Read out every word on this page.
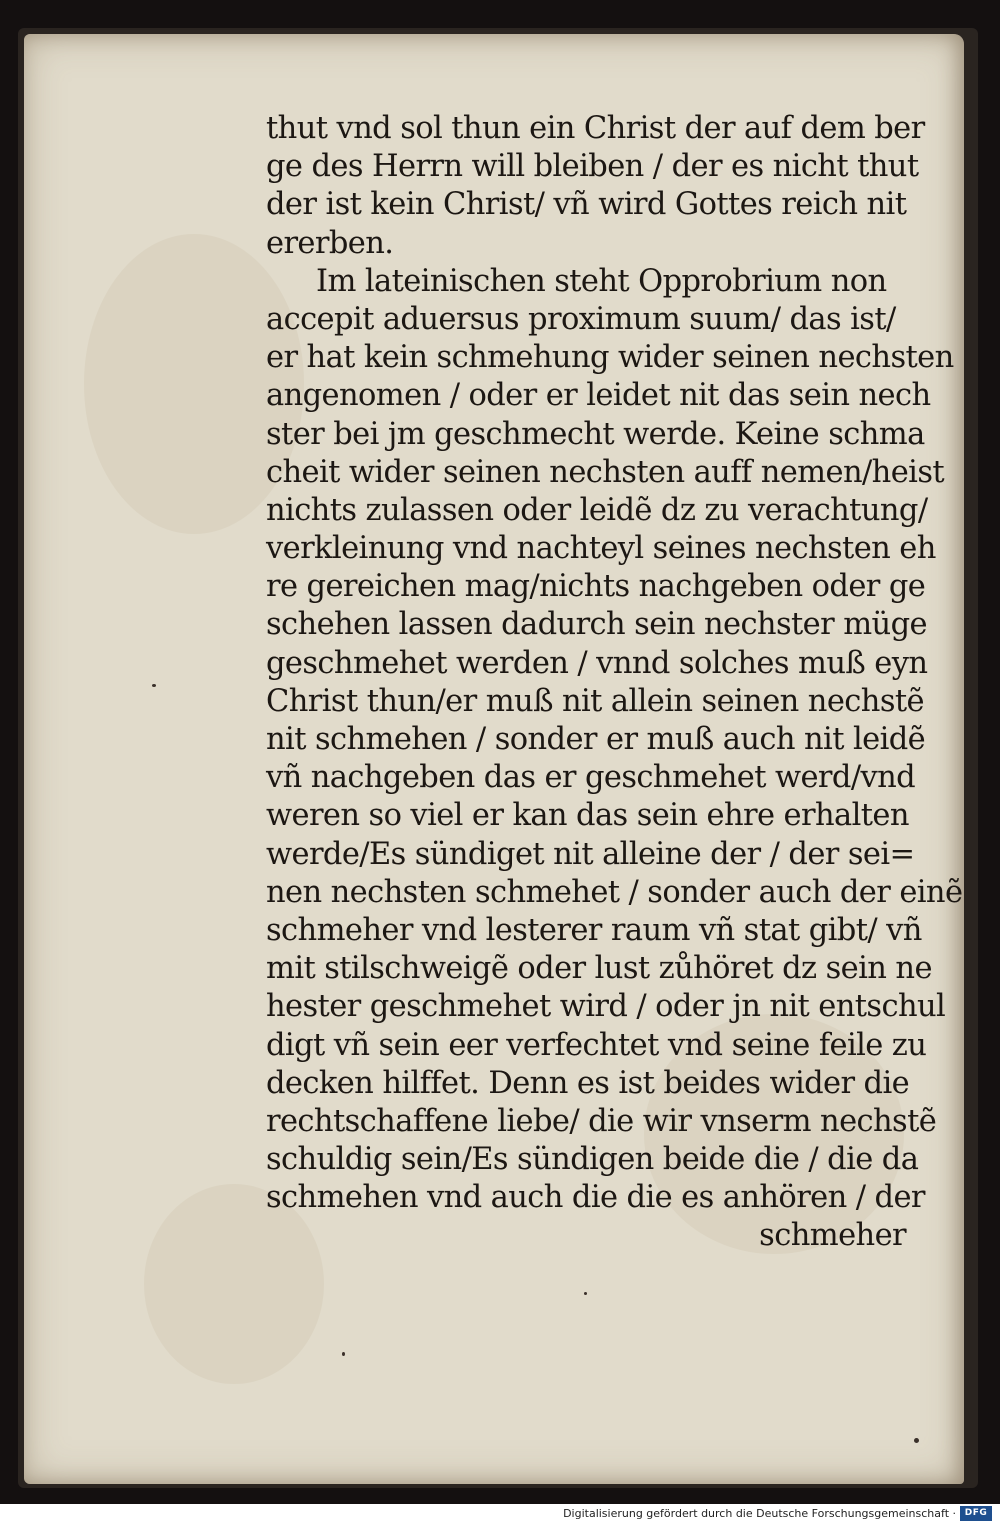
thut vnd sol thun ein Christ der auf dem ber
ge des Herrn will bleiben / der es nicht thut
der ist kein Christ/ vñ wird Gottes reich nit
ererben.
Im lateinischen steht Opprobrium non
accepit aduersus proximum suum/ das ist/
er hat kein schmehung wider seinen nechsten
angenomen / oder er leidet nit das sein nech
ster bei jm geschmecht werde. Keine schma
cheit wider seinen nechsten auff nemen/heist
nichts zulassen oder leidẽ dz zu verachtung/
verkleinung vnd nachteyl seines nechsten eh
re gereichen mag/nichts nachgeben oder ge
schehen lassen dadurch sein nechster müge
geschmehet werden / vnnd solches muß eyn
Christ thun/er muß nit allein seinen nechstẽ
nit schmehen / sonder er muß auch nit leidẽ
vñ nachgeben das er geschmehet werd/vnd
weren so viel er kan das sein ehre erhalten
werde/Es sündiget nit alleine der / der sei=
nen nechsten schmehet / sonder auch der einẽ
schmeher vnd lesterer raum vñ stat gibt/ vñ
mit stilschweigẽ oder lust zůhöret dz sein ne
hester geschmehet wird / oder jn nit entschul
digt vñ sein eer verfechtet vnd seine feile zu
decken hilffet. Denn es ist beides wider die
rechtschaffene liebe/ die wir vnserm nechstẽ
schuldig sein/Es sündigen beide die / die da
schmehen vnd auch die die es anhören / der
schmeher
Digitalisierung gefördert durch die Deutsche Forschungsgemeinschaft · DFG
